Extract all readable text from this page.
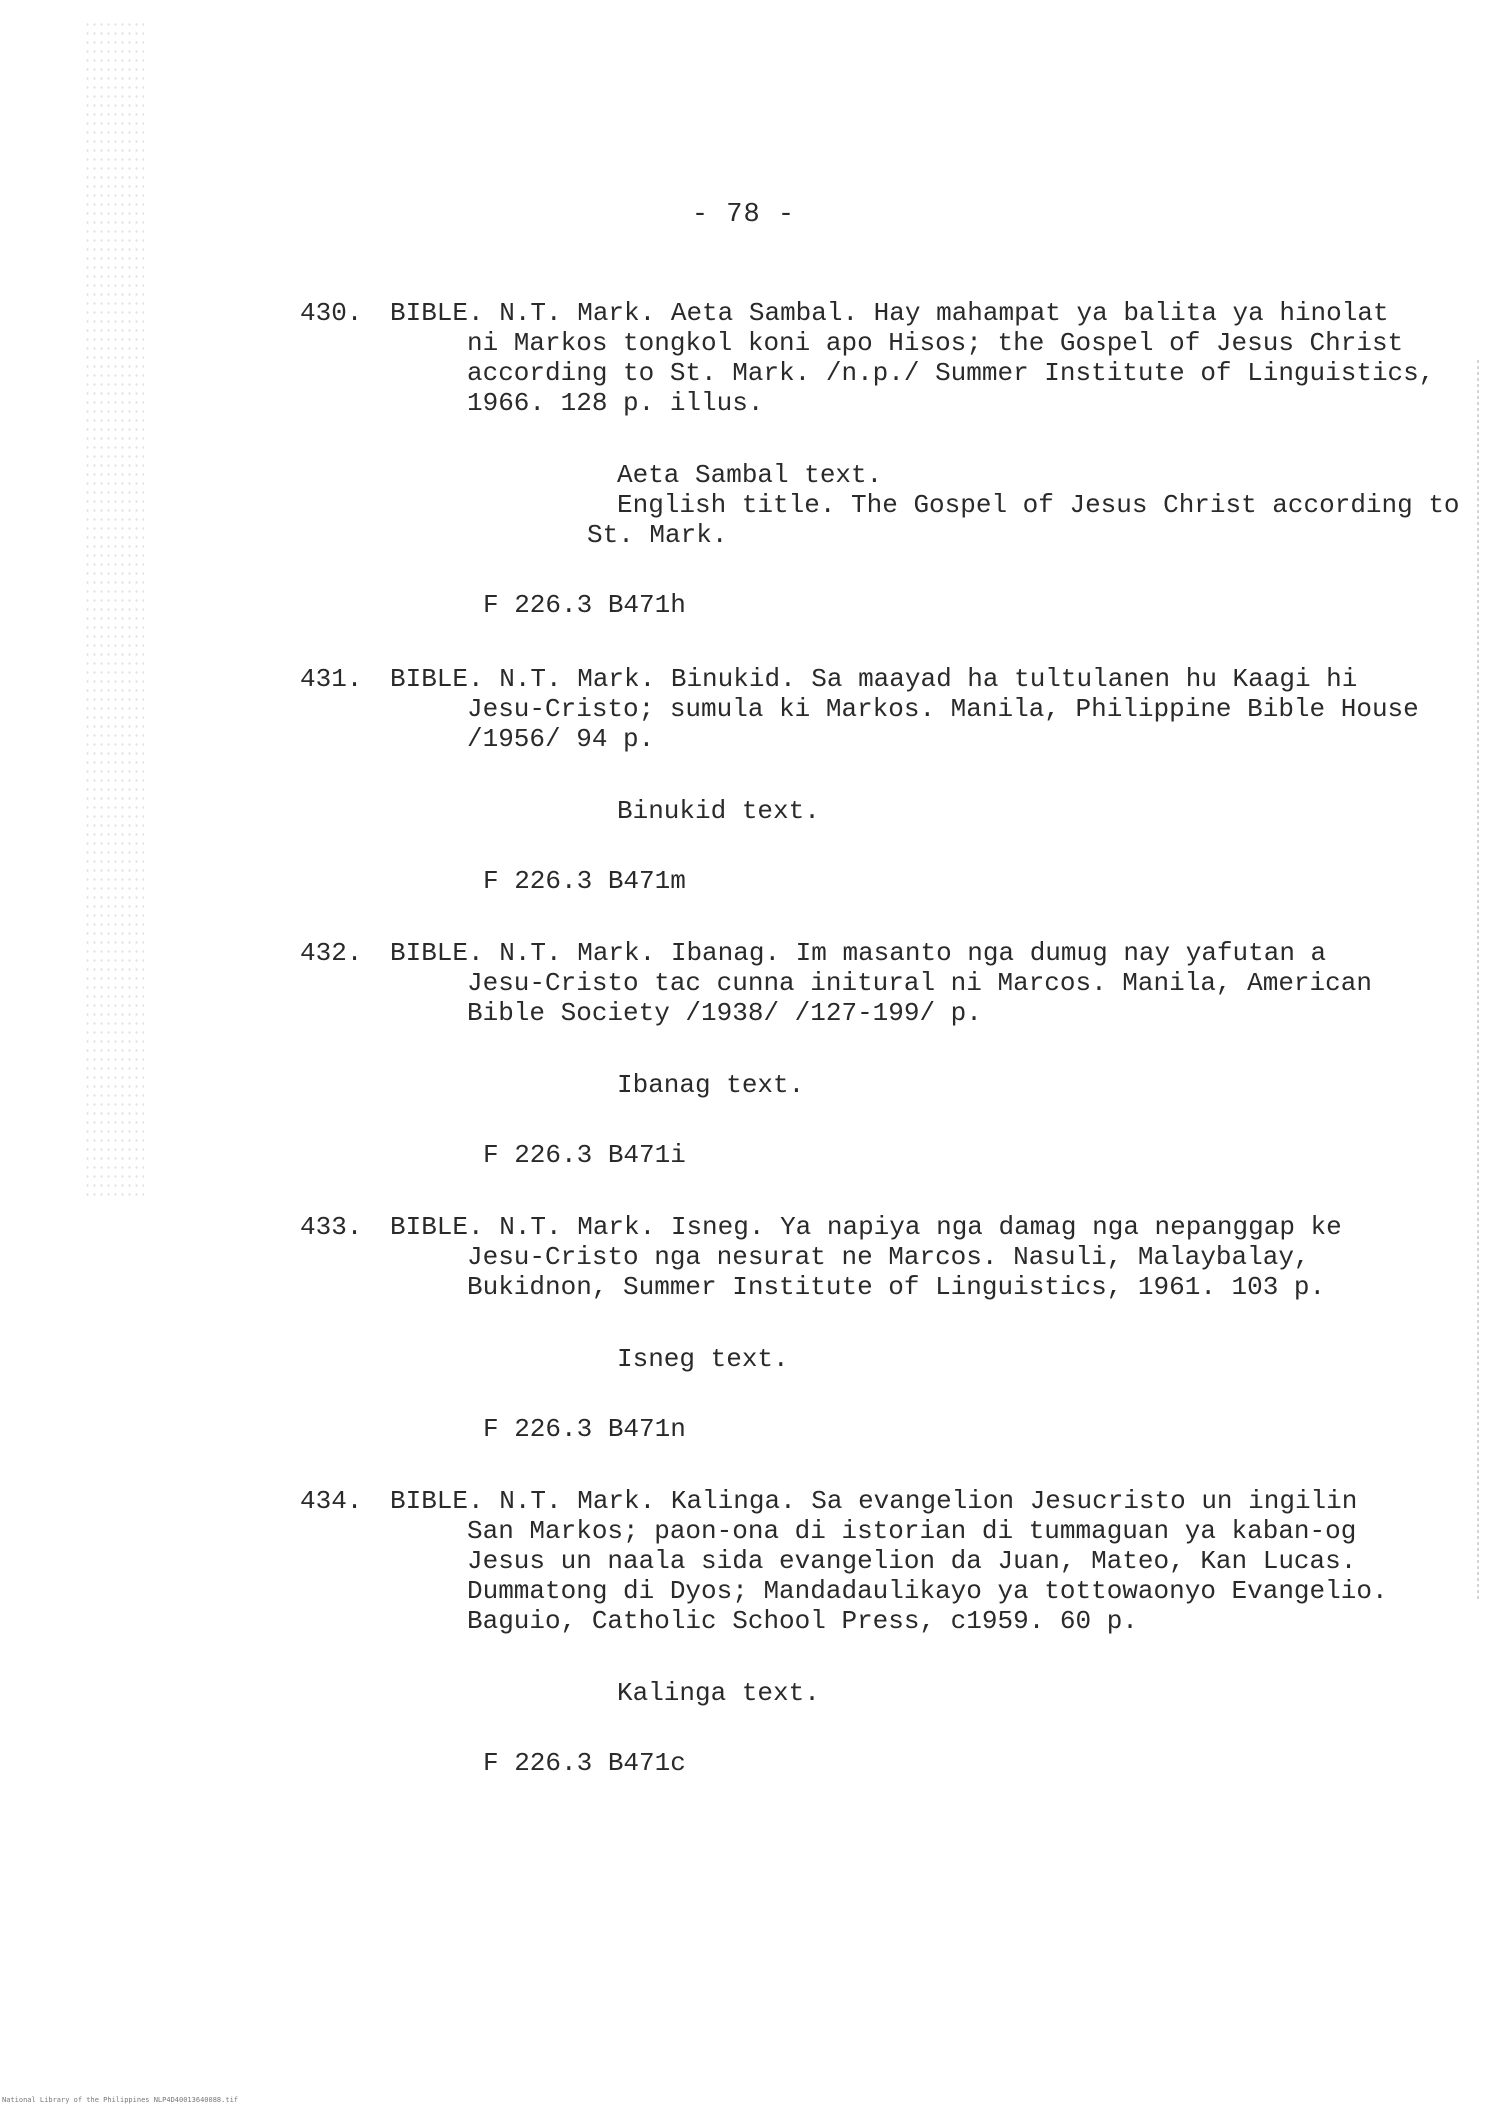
- 78 -
430.	BIBLE. N.T. Mark. Aeta Sambal. Hay mahampat ya balita ya hinolat
ni Markos tongkol koni apo Hisos; the Gospel of Jesus Christ
according to St. Mark. /n.p./ Summer Institute of Linguistics,
1966. 128 p. illus.
Aeta Sambal text.
English title. The Gospel of Jesus Christ according to
St. Mark.
F 226.3 B471h
431.	BIBLE. N.T. Mark. Binukid. Sa maayad ha tultulanen hu Kaagi hi
Jesu-Cristo; sumula ki Markos. Manila, Philippine Bible House
/1956/ 94 p.
Binukid text.
F 226.3 B471m
432.	BIBLE. N.T. Mark. Ibanag. Im masanto nga dumug nay yafutan a
Jesu-Cristo tac cunna initural ni Marcos. Manila, American
Bible Society /1938/ /127-199/ p.
Ibanag text.
F 226.3 B471i
433.	BIBLE. N.T. Mark. Isneg. Ya napiya nga damag nga nepanggap ke
Jesu-Cristo nga nesurat ne Marcos. Nasuli, Malaybalay,
Bukidnon, Summer Institute of Linguistics, 1961. 103 p.
Isneg text.
F 226.3 B471n
434.	BIBLE. N.T. Mark. Kalinga. Sa evangelion Jesucristo un ingilin
San Markos; paon-ona di istorian di tummaguan ya kaban-og
Jesus un naala sida evangelion da Juan, Mateo, Kan Lucas.
Dummatong di Dyos; Mandadaulikayo ya tottowaonyo Evangelio.
Baguio, Catholic School Press, c1959. 60 p.
Kalinga text.
F 226.3 B471c
National Library of the Philippines NLP4D40013640088.tif
